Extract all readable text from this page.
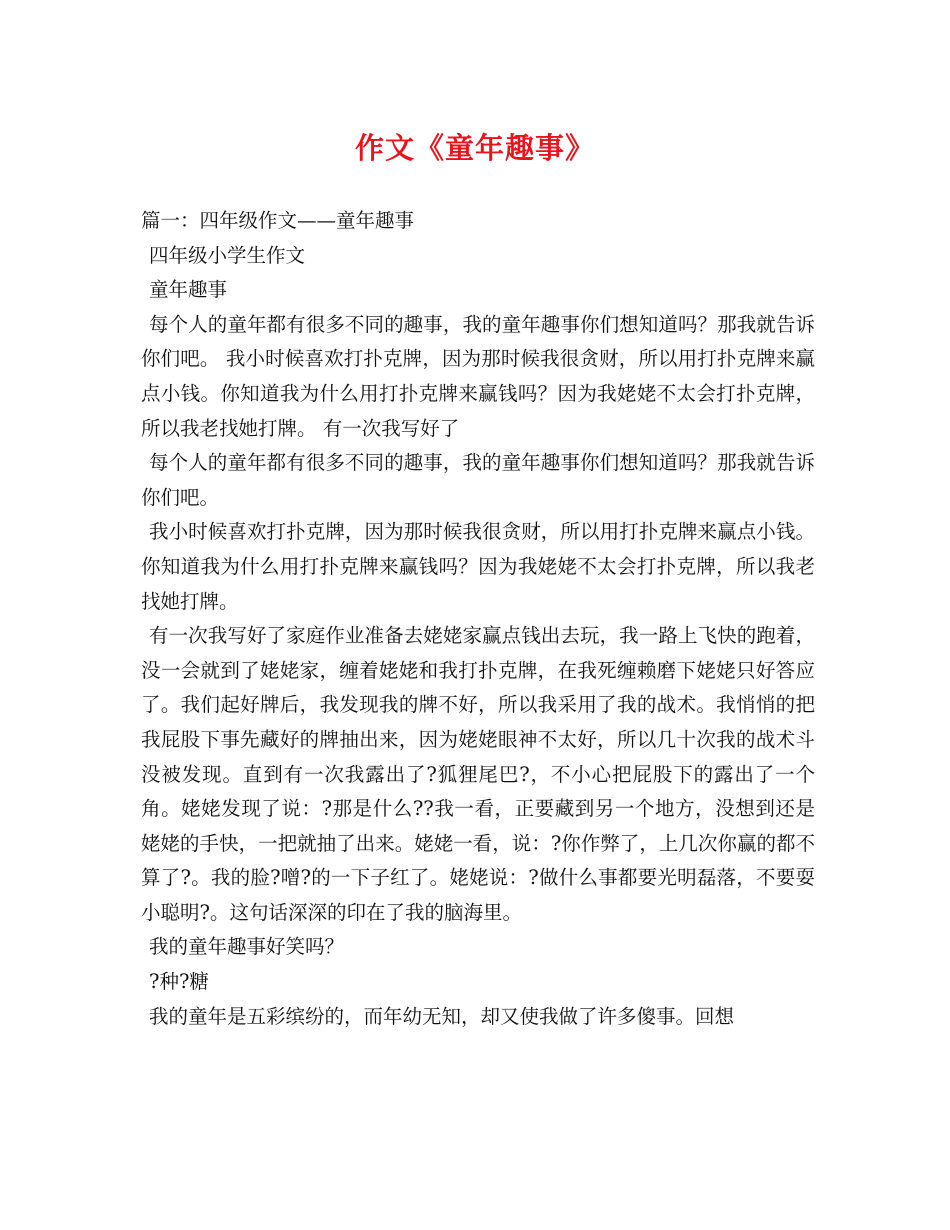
作文《童年趣事》

篇一：四年级作文——童年趣事

四年级小学生作文

童年趣事

每个人的童年都有很多不同的趣事，我的童年趣事你们想知道吗？那我就告诉你们吧。 我小时候喜欢打扑克牌，因为那时候我很贪财，所以用打扑克牌来赢点小钱。你知道我为什么用打扑克牌来赢钱吗？因为我姥姥不太会打扑克牌，所以我老找她打牌。 有一次我写好了

每个人的童年都有很多不同的趣事，我的童年趣事你们想知道吗？那我就告诉你们吧。

我小时候喜欢打扑克牌，因为那时候我很贪财，所以用打扑克牌来赢点小钱。你知道我为什么用打扑克牌来赢钱吗？因为我姥姥不太会打扑克牌，所以我老找她打牌。

有一次我写好了家庭作业准备去姥姥家赢点钱出去玩，我一路上飞快的跑着，没一会就到了姥姥家，缠着姥姥和我打扑克牌，在我死缠赖磨下姥姥只好答应了。我们起好牌后，我发现我的牌不好，所以我采用了我的战术。我悄悄的把我屁股下事先藏好的牌抽出来，因为姥姥眼神不太好，所以几十次我的战术斗没被发现。直到有一次我露出了?狐狸尾巴?，不小心把屁股下的露出了一个角。姥姥发现了说：?那是什么??我一看，正要藏到另一个地方，没想到还是姥姥的手快，一把就抽了出来。姥姥一看，说：?你作弊了，上几次你赢的都不算了?。我的脸?噌?的一下子红了。姥姥说：?做什么事都要光明磊落，不要耍小聪明?。这句话深深的印在了我的脑海里。

我的童年趣事好笑吗？

?种?糖

我的童年是五彩缤纷的，而年幼无知，却又使我做了许多傻事。回想
